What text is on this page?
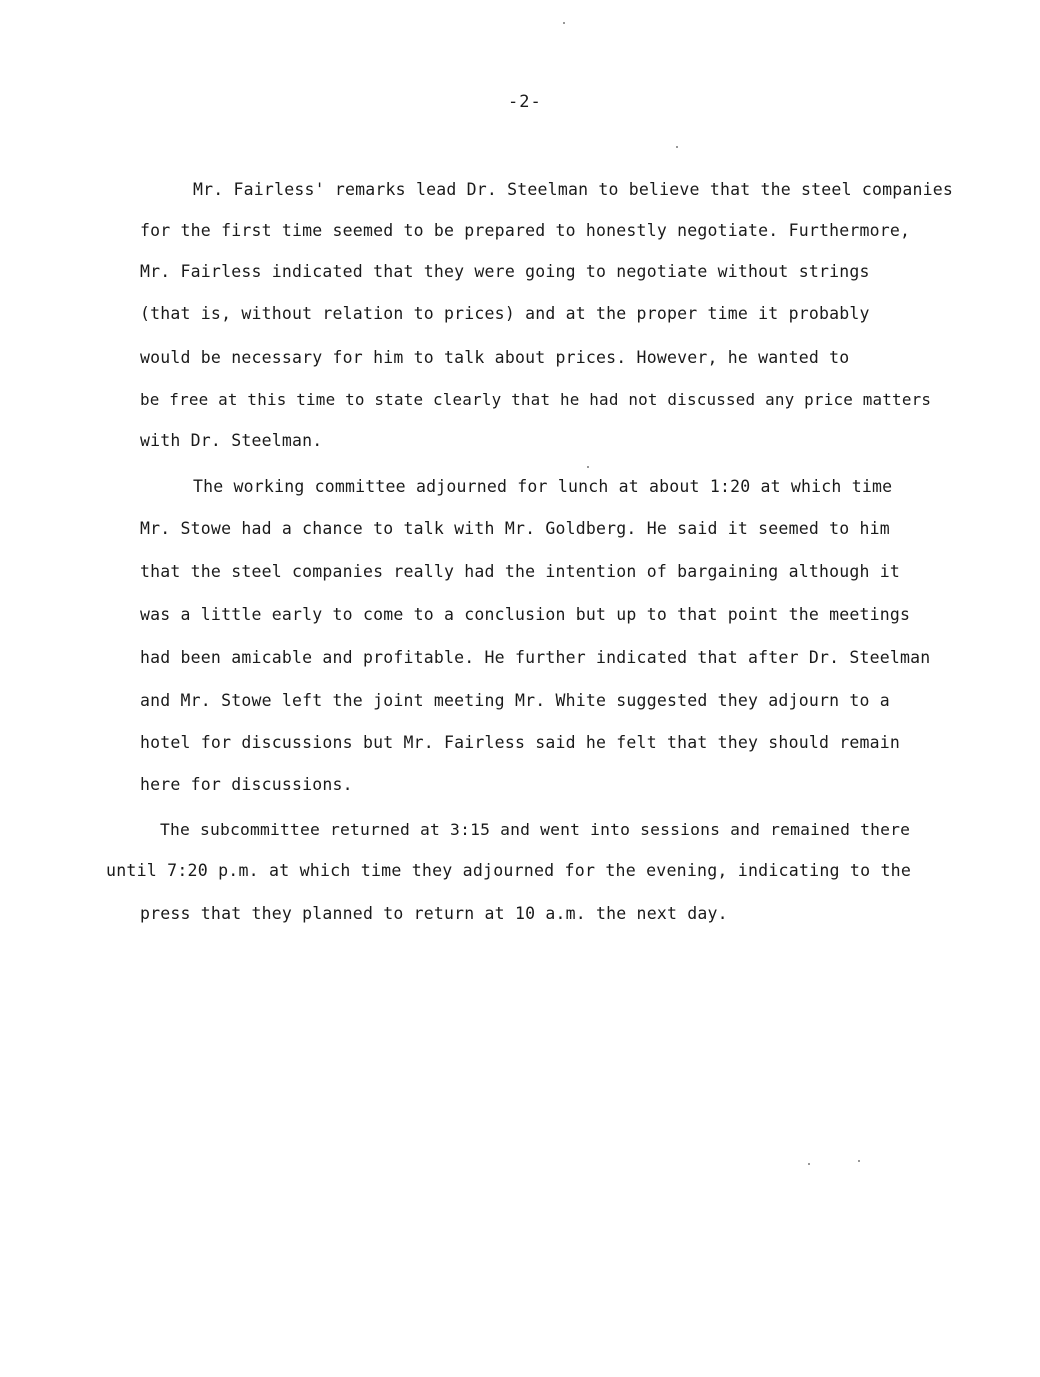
-2-
Mr. Fairless' remarks lead Dr. Steelman to believe that the steel companies
for the first time seemed to be prepared to honestly negotiate. Furthermore,
Mr. Fairless indicated that they were going to negotiate without strings
(that is, without relation to prices) and at the proper time it probably
would be necessary for him to talk about prices. However, he wanted to
be free at this time to state clearly that he had not discussed any price matters
with Dr. Steelman.
The working committee adjourned for lunch at about 1:20 at which time
Mr. Stowe had a chance to talk with Mr. Goldberg. He said it seemed to him
that the steel companies really had the intention of bargaining although it
was a little early to come to a conclusion but up to that point the meetings
had been amicable and profitable. He further indicated that after Dr. Steelman
and Mr. Stowe left the joint meeting Mr. White suggested they adjourn to a
hotel for discussions but Mr. Fairless said he felt that they should remain
here for discussions.
The subcommittee returned at 3:15 and went into sessions and remained there
until 7:20 p.m. at which time they adjourned for the evening, indicating to the
press that they planned to return at 10 a.m. the next day.
